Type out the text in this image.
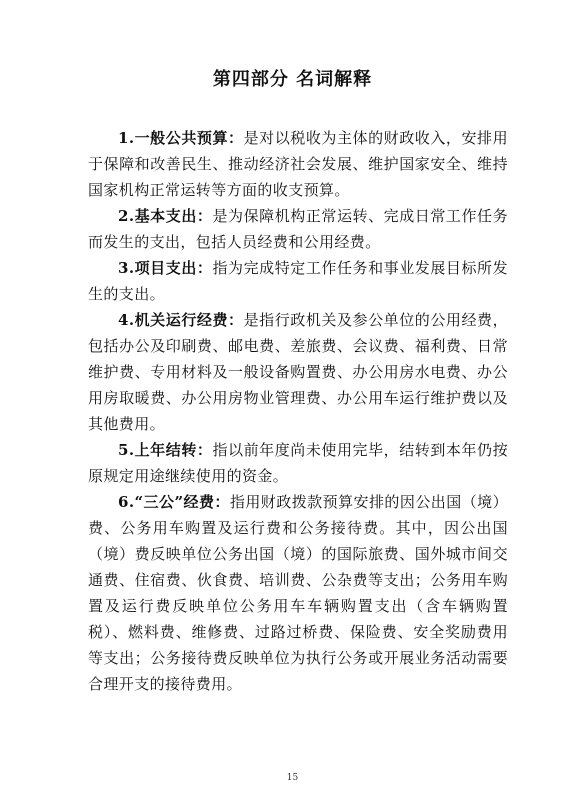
第四部分 名词解释

1.一般公共预算：是对以税收为主体的财政收入，安排用于保障和改善民生、推动经济社会发展、维护国家安全、维持国家机构正常运转等方面的收支预算。

2.基本支出：是为保障机构正常运转、完成日常工作任务而发生的支出，包括人员经费和公用经费。

3.项目支出：指为完成特定工作任务和事业发展目标所发生的支出。

4.机关运行经费：是指行政机关及参公单位的公用经费，包括办公及印刷费、邮电费、差旅费、会议费、福利费、日常维护费、专用材料及一般设备购置费、办公用房水电费、办公用房取暖费、办公用房物业管理费、办公用车运行维护费以及其他费用。

5.上年结转：指以前年度尚未使用完毕，结转到本年仍按原规定用途继续使用的资金。

6.“三公”经费：指用财政拨款预算安排的因公出国（境）费、公务用车购置及运行费和公务接待费。其中，因公出国（境）费反映单位公务出国（境）的国际旅费、国外城市间交通费、住宿费、伙食费、培训费、公杂费等支出；公务用车购置及运行费反映单位公务用车车辆购置支出（含车辆购置税）、燃料费、维修费、过路过桥费、保险费、安全奖励费用等支出；公务接待费反映单位为执行公务或开展业务活动需要合理开支的接待费用。

15
